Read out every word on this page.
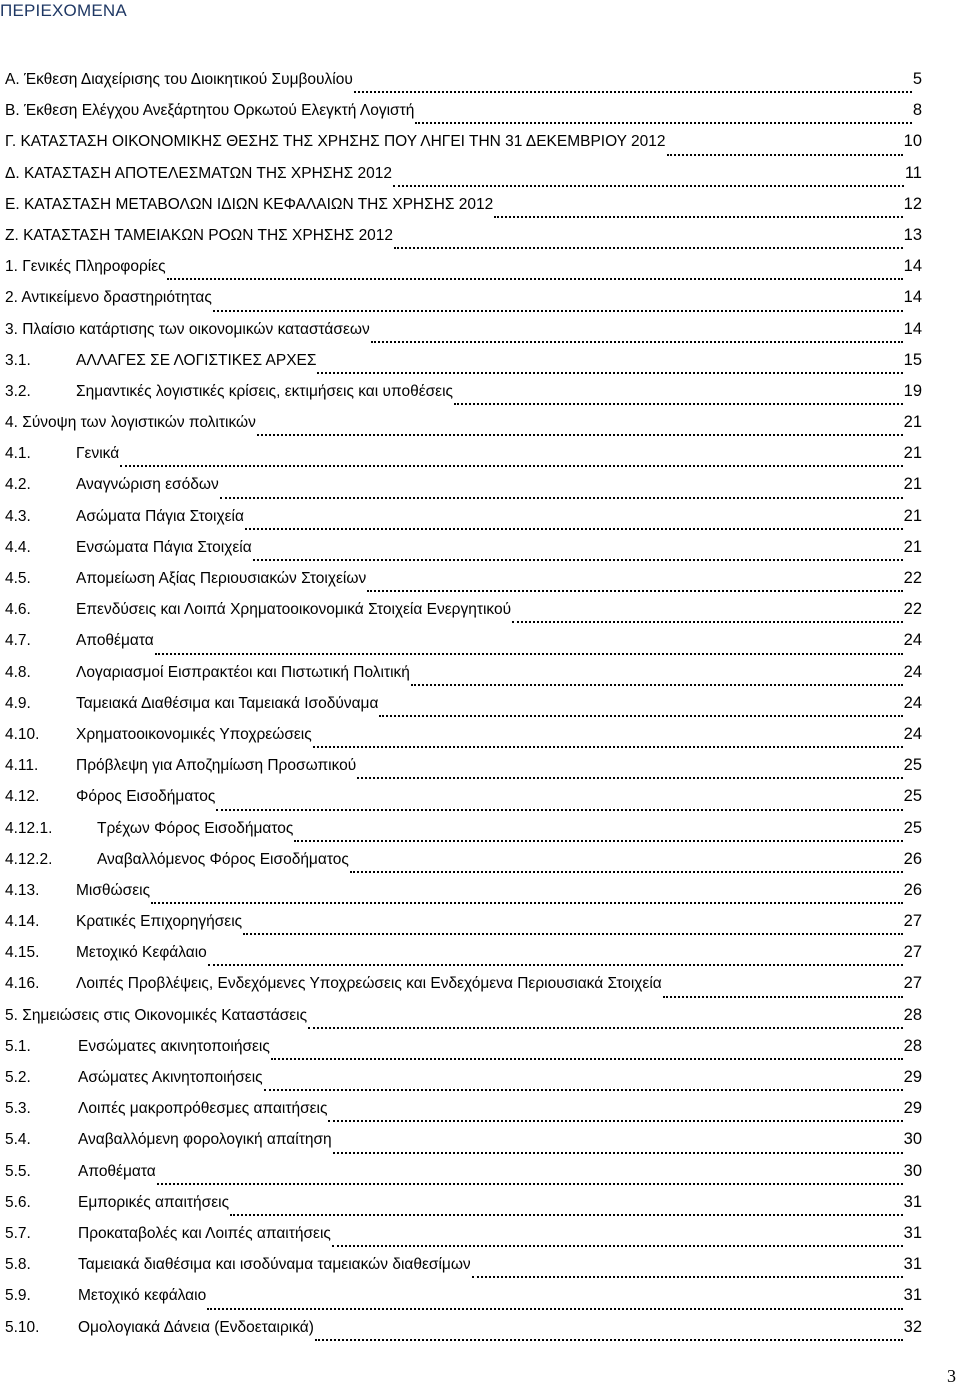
ΠΕΡΙΕΧΟΜΕΝΑ
Α. Έκθεση Διαχείρισης του Διοικητικού Συμβουλίου	5
Β. Έκθεση Ελέγχου Ανεξάρτητου Ορκωτού Ελεγκτή Λογιστή	8
Γ. ΚΑΤΑΣΤΑΣΗ ΟΙΚΟΝΟΜΙΚΗΣ ΘΕΣΗΣ ΤΗΣ ΧΡΗΣΗΣ ΠΟΥ ΛΗΓΕΙ ΤΗΝ 31 ΔΕΚΕΜΒΡΙΟΥ 2012	10
Δ. ΚΑΤΑΣΤΑΣΗ ΑΠΟΤΕΛΕΣΜΑΤΩΝ ΤΗΣ ΧΡΗΣΗΣ 2012	11
Ε. ΚΑΤΑΣΤΑΣΗ ΜΕΤΑΒΟΛΩΝ ΙΔΙΩΝ ΚΕΦΑΛΑΙΩΝ ΤΗΣ ΧΡΗΣΗΣ 2012	12
Ζ. ΚΑΤΑΣΤΑΣΗ ΤΑΜΕΙΑΚΩΝ ΡΟΩΝ ΤΗΣ ΧΡΗΣΗΣ 2012	13
1. Γενικές Πληροφορίες	14
2. Αντικείμενο δραστηριότητας	14
3. Πλαίσιο κατάρτισης των οικονομικών καταστάσεων	14
3.1.	ΑΛΛΑΓΕΣ ΣΕ ΛΟΓΙΣΤΙΚΕΣ ΑΡΧΕΣ	15
3.2.	Σημαντικές λογιστικές κρίσεις, εκτιμήσεις και υποθέσεις	19
4. Σύνοψη των λογιστικών πολιτικών	21
4.1.	Γενικά	21
4.2.	Αναγνώριση εσόδων	21
4.3.	Ασώματα Πάγια Στοιχεία	21
4.4.	Ενσώματα Πάγια Στοιχεία	21
4.5.	Απομείωση Αξίας Περιουσιακών Στοιχείων	22
4.6.	Επενδύσεις και Λοιπά Χρηματοοικονομικά Στοιχεία Ενεργητικού	22
4.7.	Αποθέματα	24
4.8.	Λογαριασμοί Εισπρακτέοι και Πιστωτική Πολιτική	24
4.9.	Ταμειακά Διαθέσιμα και Ταμειακά Ισοδύναμα	24
4.10.	Χρηματοοικονομικές Υποχρεώσεις	24
4.11.	Πρόβλεψη για Αποζημίωση Προσωπικού	25
4.12.	Φόρος Εισοδήματος	25
4.12.1.	Τρέχων Φόρος Εισοδήματος	25
4.12.2.	Αναβαλλόμενος Φόρος Εισοδήματος	26
4.13.	Μισθώσεις	26
4.14.	Κρατικές Επιχορηγήσεις	27
4.15.	Μετοχικό Κεφάλαιο	27
4.16.	Λοιπές Προβλέψεις, Ενδεχόμενες Υποχρεώσεις και Ενδεχόμενα Περιουσιακά Στοιχεία	27
5. Σημειώσεις στις Οικονομικές Καταστάσεις	28
5.1.	Ενσώματες ακινητοποιήσεις	28
5.2.	Ασώματες Ακινητοποιήσεις	29
5.3.	Λοιπές μακροπρόθεσμες απαιτήσεις	29
5.4.	Αναβαλλόμενη φορολογική απαίτηση	30
5.5.	Αποθέματα	30
5.6.	Εμπορικές απαιτήσεις	31
5.7.	Προκαταβολές και Λοιπές απαιτήσεις	31
5.8.	Ταμειακά διαθέσιμα και ισοδύναμα ταμειακών διαθεσίμων	31
5.9.	Μετοχικό κεφάλαιο	31
5.10.	Ομολογιακά Δάνεια (Ενδοεταιρικά)	32
3
